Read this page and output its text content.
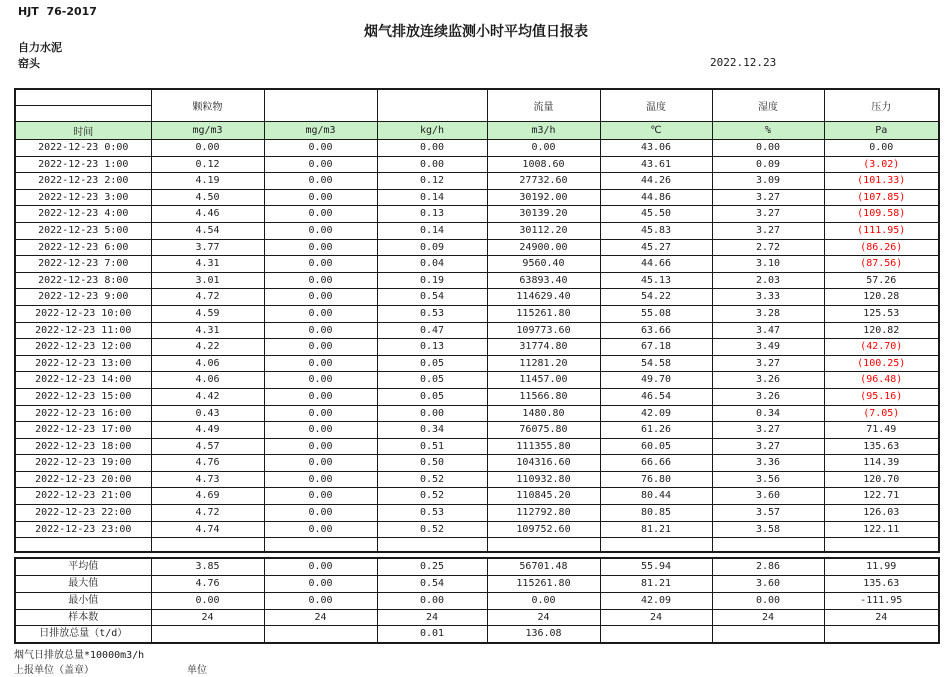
HJT  76-2017
烟气排放连续监测小时平均值日报表
自力水泥
窑头	2022.12.23
	颗粒物			流量	温度	湿度	压力

时间	mg/m3	mg/m3	kg/h	m3/h	℃	%	Pa
2022-12-23 0:00	0.00	0.00	0.00	0.00	43.06	0.00	0.00
2022-12-23 1:00	0.12	0.00	0.00	1008.60	43.61	0.09	(3.02)
2022-12-23 2:00	4.19	0.00	0.12	27732.60	44.26	3.09	(101.33)
2022-12-23 3:00	4.50	0.00	0.14	30192.00	44.86	3.27	(107.85)
2022-12-23 4:00	4.46	0.00	0.13	30139.20	45.50	3.27	(109.58)
2022-12-23 5:00	4.54	0.00	0.14	30112.20	45.83	3.27	(111.95)
2022-12-23 6:00	3.77	0.00	0.09	24900.00	45.27	2.72	(86.26)
2022-12-23 7:00	4.31	0.00	0.04	9560.40	44.66	3.10	(87.56)
2022-12-23 8:00	3.01	0.00	0.19	63893.40	45.13	2.03	57.26
2022-12-23 9:00	4.72	0.00	0.54	114629.40	54.22	3.33	120.28
2022-12-23 10:00	4.59	0.00	0.53	115261.80	55.08	3.28	125.53
2022-12-23 11:00	4.31	0.00	0.47	109773.60	63.66	3.47	120.82
2022-12-23 12:00	4.22	0.00	0.13	31774.80	67.18	3.49	(42.70)
2022-12-23 13:00	4.06	0.00	0.05	11281.20	54.58	3.27	(100.25)
2022-12-23 14:00	4.06	0.00	0.05	11457.00	49.70	3.26	(96.48)
2022-12-23 15:00	4.42	0.00	0.05	11566.80	46.54	3.26	(95.16)
2022-12-23 16:00	0.43	0.00	0.00	1480.80	42.09	0.34	(7.05)
2022-12-23 17:00	4.49	0.00	0.34	76075.80	61.26	3.27	71.49
2022-12-23 18:00	4.57	0.00	0.51	111355.80	60.05	3.27	135.63
2022-12-23 19:00	4.76	0.00	0.50	104316.60	66.66	3.36	114.39
2022-12-23 20:00	4.73	0.00	0.52	110932.80	76.80	3.56	120.70
2022-12-23 21:00	4.69	0.00	0.52	110845.20	80.44	3.60	122.71
2022-12-23 22:00	4.72	0.00	0.53	112792.80	80.85	3.57	126.03
2022-12-23 23:00	4.74	0.00	0.52	109752.60	81.21	3.58	122.11

平均值	3.85	0.00	0.25	56701.48	55.94	2.86	11.99
最大值	4.76	0.00	0.54	115261.80	81.21	3.60	135.63
最小值	0.00	0.00	0.00	0.00	42.09	0.00	-111.95
样本数	24	24	24	24	24	24	24
日排放总量（t/d）			0.01	136.08			
烟气日排放总量*10000m3/h
上报单位（盖章）	单位
